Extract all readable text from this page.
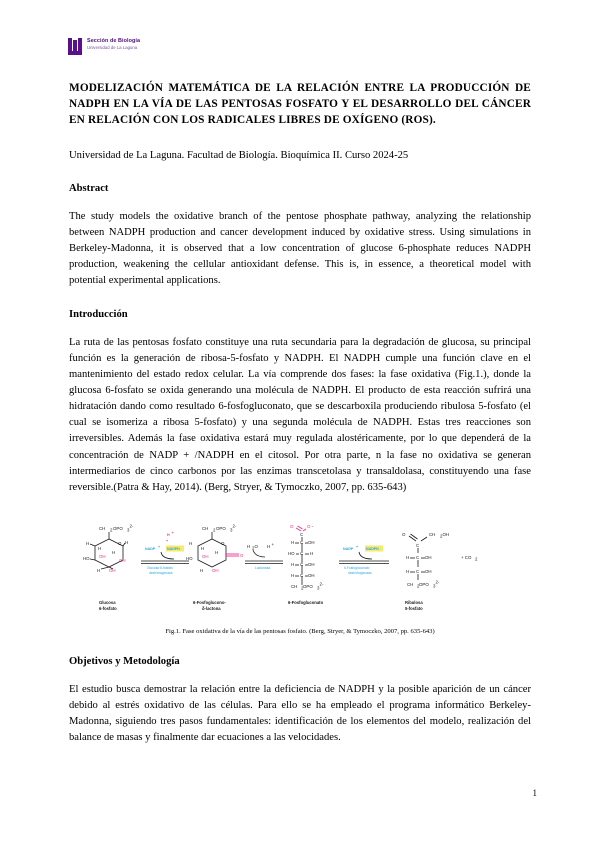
Sección de Biología
Universidad de La Laguna
MODELIZACIÓN MATEMÁTICA DE LA RELACIÓN ENTRE LA PRODUCCIÓN DE NADPH EN LA VÍA DE LAS PENTOSAS FOSFATO Y EL DESARROLLO DEL CÁNCER EN RELACIÓN CON LOS RADICALES LIBRES DE OXÍGENO (ROS).

Universidad de La Laguna. Facultad de Biología. Bioquímica II. Curso 2024-25

Abstract

The study models the oxidative branch of the pentose phosphate pathway, analyzing the relationship between NADPH production and cancer development induced by oxidative stress. Using simulations in Berkeley-Madonna, it is observed that a low concentration of glucose 6-phosphate reduces NADPH production, weakening the cellular antioxidant defense. This is, in essence, a theoretical model with potential experimental applications.

Introducción

La ruta de las pentosas fosfato constituye una ruta secundaria para la degradación de glucosa, su principal función es la generación de ribosa-5-fosfato y NADPH. El NADPH cumple una función clave en el mantenimiento del estado redox celular. La vía comprende dos fases: la fase oxidativa (Fig.1.), donde la glucosa 6-fosfato se oxida generando una molécula de NADPH. El producto de esta reacción sufrirá una hidratación dando como resultado 6-fosfogluconato, que se descarboxila produciendo ribulosa 5-fosfato (el cual se isomeriza a ribosa 5-fosfato) y una segunda molécula de NADPH. Estas tres reacciones son irreversibles. Además la fase oxidativa estará muy regulada alostéricamente, por lo que dependerá de la concentración de NADP + /NADPH en el citosol. Por otra parte, n la fase no oxidativa se generan intermediarios de cinco carbonos por las enzimas transcetolasa y transaldolasa, constituyendo una fase reversible.(Patra & Hay, 2014). (Berg, Stryer, & Tymoczko, 2007, pp. 635-643)

CH 2 OPO 3
2-
H	H
H
O
OH
H
OH
HO
H OH
H +
+
NADP + NADPH
Glucosa 6-fosfato
deshidrogenasa
CH 2 OPO 3
2-
H
H
O
OH
H
HO
H OH
O
H 2 O H +
Lactonasa
O	O -
C
H C OH
HO C H
H C OH
H C OH
CH 2 OPO 3
2-
NADP + NADPH
6-Fosfogluconato
deshidrogenasa
O	CH 2 OH
C
H C OH
H C OH
CH 2 OPO 3
2-
+ CO 2
Glucosa
6-fosfato
6-Fosfoglucono-
δ-lactona
6-Fosfogluconato	Ribulosa
5-fosfato
Fig.1. Fase oxidativa de la vía de las pentosas fosfato. (Berg, Stryer, & Tymoczko, 2007, pp. 635-643)
Objetivos y Metodología

El estudio busca demostrar la relación entre la deficiencia de NADPH y la posible aparición de un cáncer debido al estrés oxidativo de las células. Para ello se ha empleado el programa informático Berkeley-Madonna, siguiendo tres pasos fundamentales: identificación de los elementos del modelo, realización del balance de masas y finalmente dar ecuaciones a las velocidades.

1
